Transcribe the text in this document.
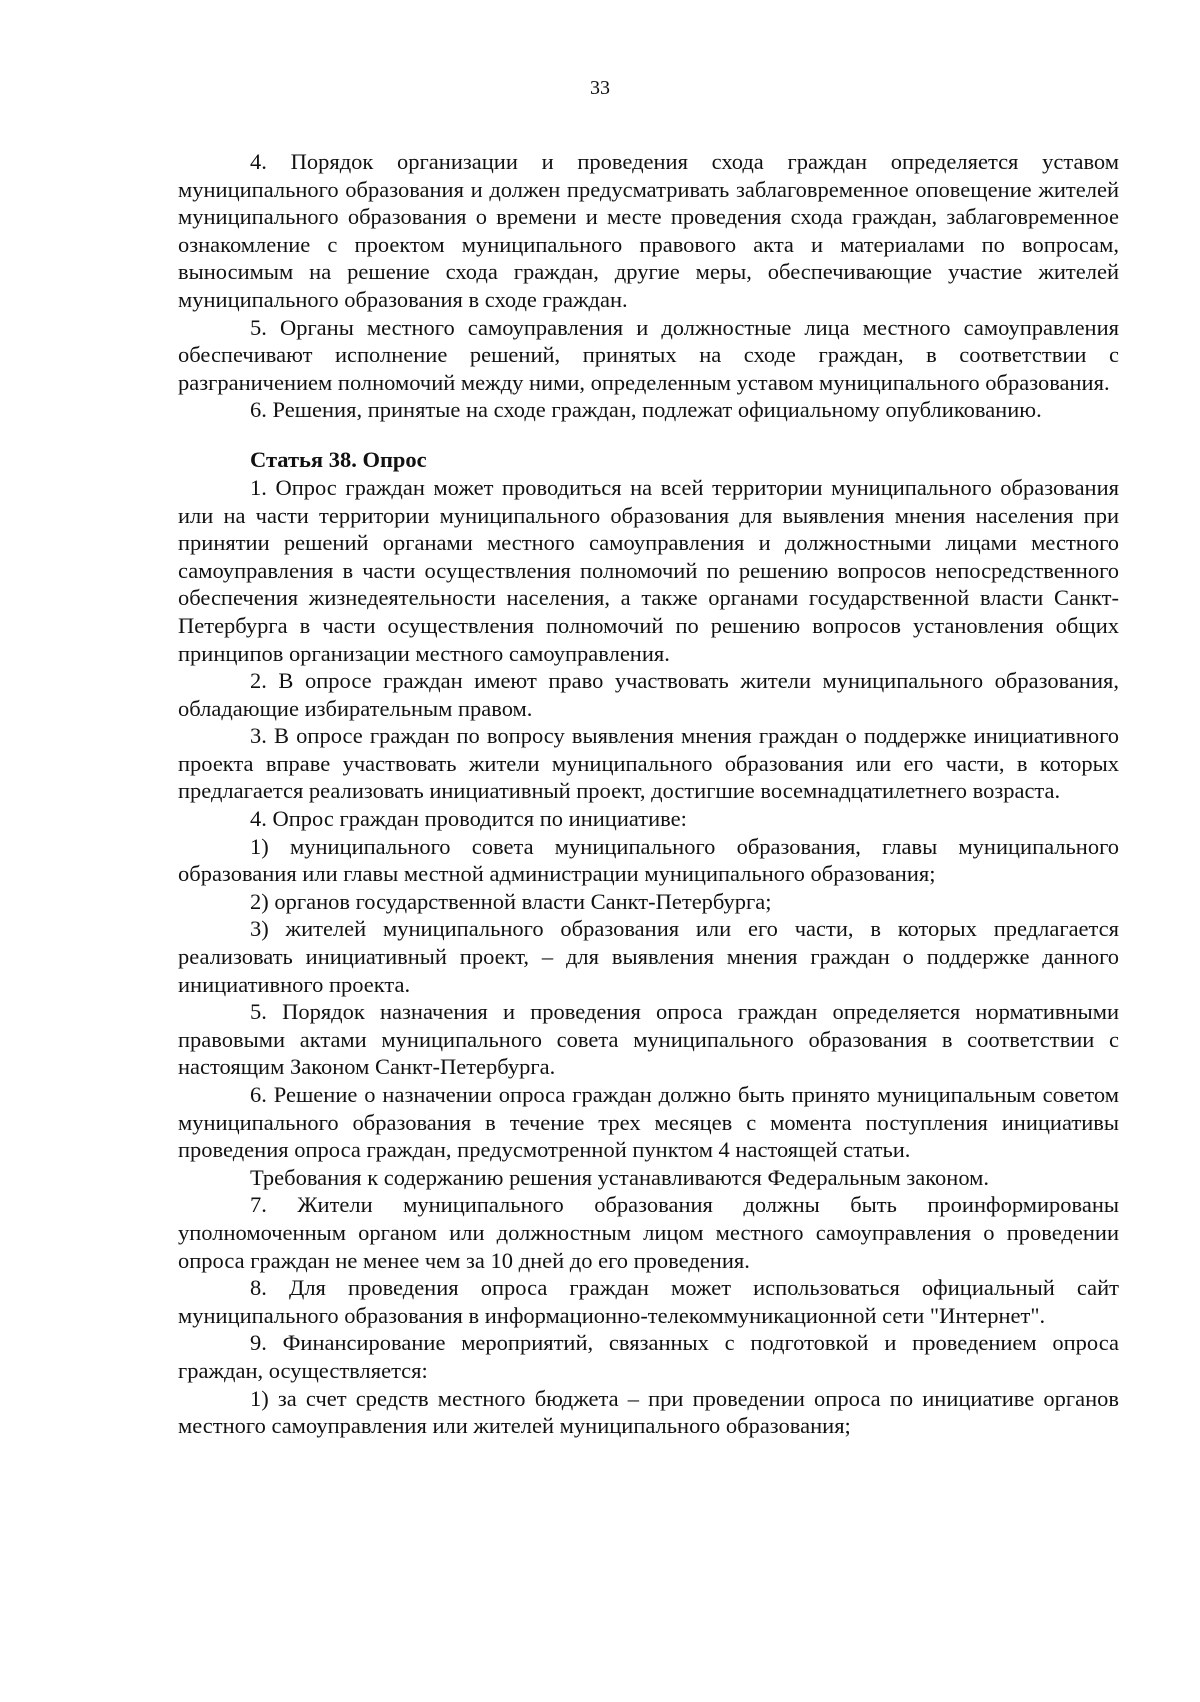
33

4. Порядок организации и проведения схода граждан определяется уставом муниципального образования и должен предусматривать заблаговременное оповещение жителей муниципального образования о времени и месте проведения схода граждан, заблаговременное ознакомление с проектом муниципального правового акта и материалами по вопросам, выносимым на решение схода граждан, другие меры, обеспечивающие участие жителей муниципального образования в сходе граждан.

5. Органы местного самоуправления и должностные лица местного самоуправления обеспечивают исполнение решений, принятых на сходе граждан, в соответствии с разграничением полномочий между ними, определенным уставом муниципального образования.

6. Решения, принятые на сходе граждан, подлежат официальному опубликованию.

Статья 38. Опрос

1. Опрос граждан может проводиться на всей территории муниципального образования или на части территории муниципального образования для выявления мнения населения при принятии решений органами местного самоуправления и должностными лицами местного самоуправления в части осуществления полномочий по решению вопросов непосредственного обеспечения жизнедеятельности населения, а также органами государственной власти Санкт-Петербурга в части осуществления полномочий по решению вопросов установления общих принципов организации местного самоуправления.

2. В опросе граждан имеют право участвовать жители муниципального образования, обладающие избирательным правом.

3. В опросе граждан по вопросу выявления мнения граждан о поддержке инициативного проекта вправе участвовать жители муниципального образования или его части, в которых предлагается реализовать инициативный проект, достигшие восемнадцатилетнего возраста.

4. Опрос граждан проводится по инициативе:

1) муниципального совета муниципального образования, главы муниципального образования или главы местной администрации муниципального образования;

2) органов государственной власти Санкт-Петербурга;

3) жителей муниципального образования или его части, в которых предлагается реализовать инициативный проект, – для выявления мнения граждан о поддержке данного инициативного проекта.

5. Порядок назначения и проведения опроса граждан определяется нормативными правовыми актами муниципального совета муниципального образования в соответствии с настоящим Законом Санкт-Петербурга.

6. Решение о назначении опроса граждан должно быть принято муниципальным советом муниципального образования в течение трех месяцев с момента поступления инициативы проведения опроса граждан, предусмотренной пунктом 4 настоящей статьи.

Требования к содержанию решения устанавливаются Федеральным законом.

7. Жители муниципального образования должны быть проинформированы уполномоченным органом или должностным лицом местного самоуправления о проведении опроса граждан не менее чем за 10 дней до его проведения.

8. Для проведения опроса граждан может использоваться официальный сайт муниципального образования в информационно-телекоммуникационной сети "Интернет".

9. Финансирование мероприятий, связанных с подготовкой и проведением опроса граждан, осуществляется:

1) за счет средств местного бюджета – при проведении опроса по инициативе органов местного самоуправления или жителей муниципального образования;
